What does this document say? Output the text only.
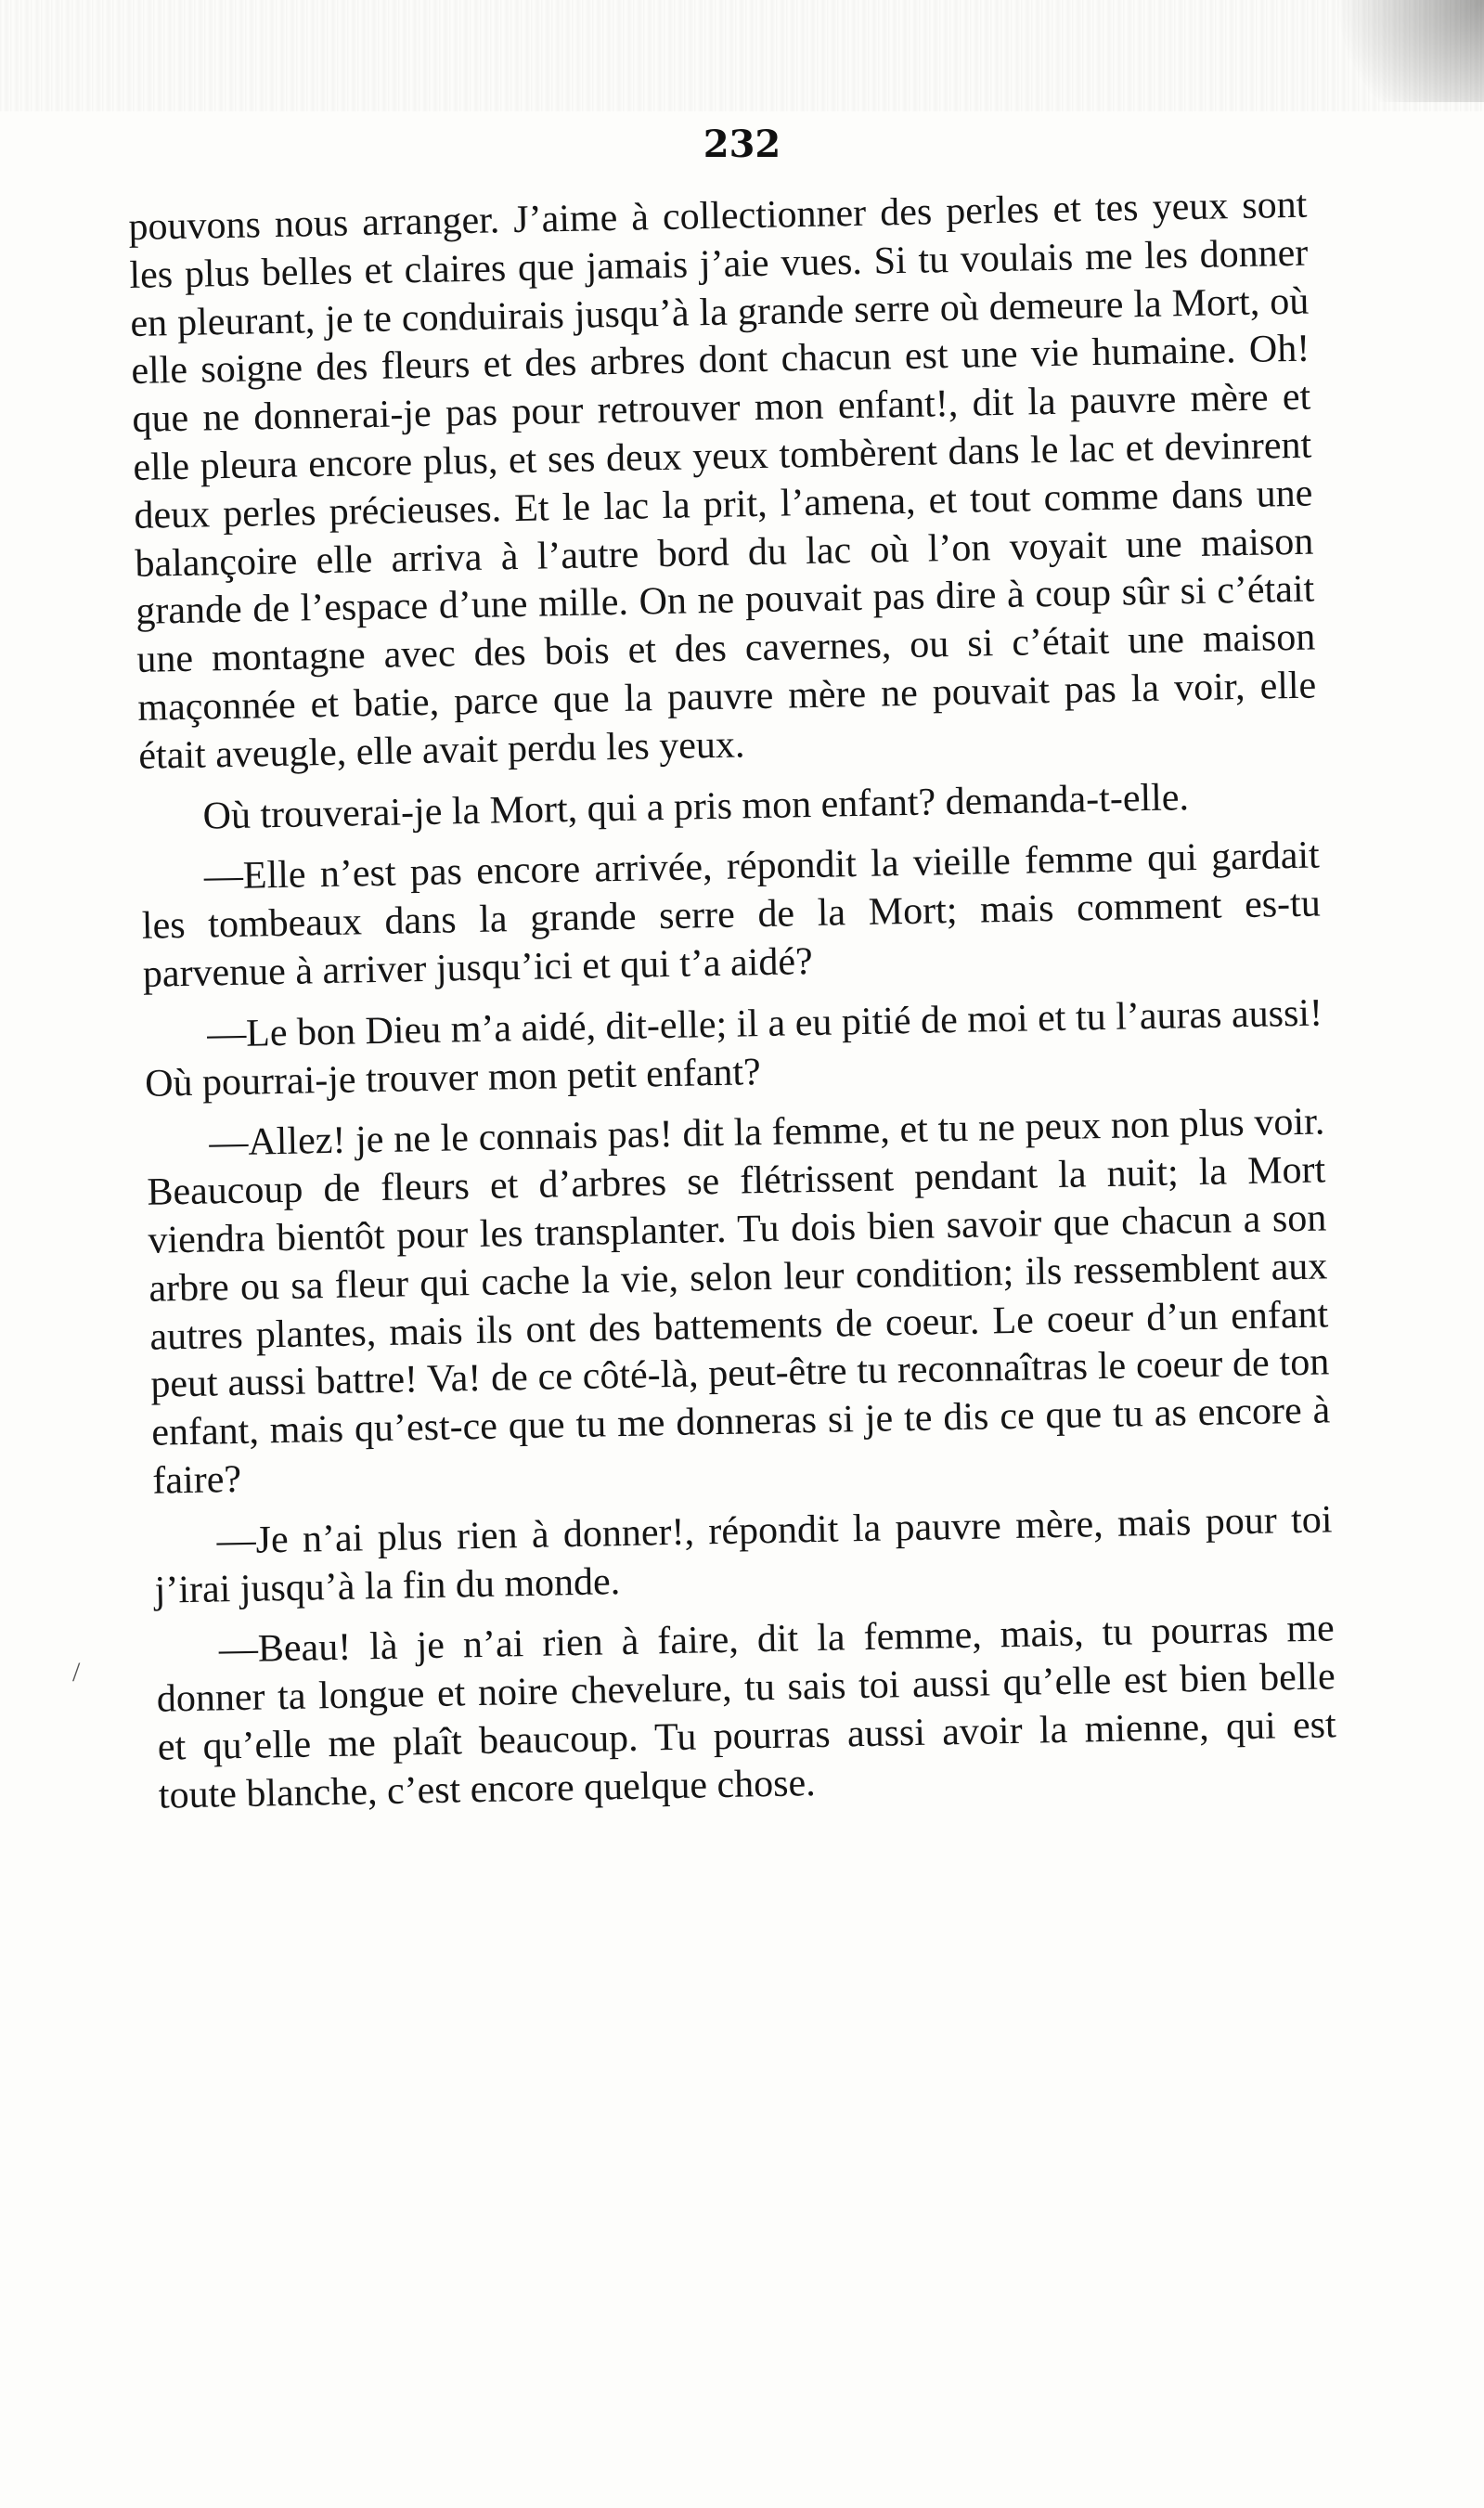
232

pouvons nous arranger. J’aime à collectionner des perles et tes yeux sont les plus belles et claires que jamais j’aie vues. Si tu voulais me les donner en pleurant, je te conduirais jusqu’à la grande serre où demeure la Mort, où elle soigne des fleurs et des arbres dont chacun est une vie humaine. Oh! que ne donnerai-je pas pour retrouver mon enfant!, dit la pauvre mère et elle pleura encore plus, et ses deux yeux tombèrent dans le lac et devinrent deux perles précieuses. Et le lac la prit, l’amena, et tout comme dans une balançoire elle arriva à l’autre bord du lac où l’on voyait une maison grande de l’espace d’une mille. On ne pouvait pas dire à coup sûr si c’était une montagne avec des bois et des cavernes, ou si c’était une maison maçonnée et batie, parce que la pauvre mère ne pouvait pas la voir, elle était aveugle, elle avait perdu les yeux.

Où trouverai-je la Mort, qui a pris mon enfant? demanda-t-elle.

—Elle n’est pas encore arrivée, répondit la vieille femme qui gardait les tombeaux dans la grande serre de la Mort; mais comment es-tu parvenue à arriver jusqu’ici et qui t’a aidé?

—Le bon Dieu m’a aidé, dit-elle; il a eu pitié de moi et tu l’auras aussi! Où pourrai-je trouver mon petit enfant?

—Allez! je ne le connais pas! dit la femme, et tu ne peux non plus voir. Beaucoup de fleurs et d’arbres se flétrissent pendant la nuit; la Mort viendra bientôt pour les transplanter. Tu dois bien savoir que chacun a son arbre ou sa fleur qui cache la vie, selon leur condition; ils ressemblent aux autres plantes, mais ils ont des battements de coeur. Le coeur d’un enfant peut aussi battre! Va! de ce côté-là, peut-être tu reconnaîtras le coeur de ton enfant, mais qu’est-ce que tu me donneras si je te dis ce que tu as encore à faire?

—Je n’ai plus rien à donner!, répondit la pauvre mère, mais pour toi j’irai jusqu’à la fin du monde.

—Beau! là je n’ai rien à faire, dit la femme, mais, tu pourras me donner ta longue et noire chevelure, tu sais toi aussi qu’elle est bien belle et qu’elle me plaît beaucoup. Tu pourras aussi avoir la mienne, qui est toute blanche, c’est encore quelque chose.

/
